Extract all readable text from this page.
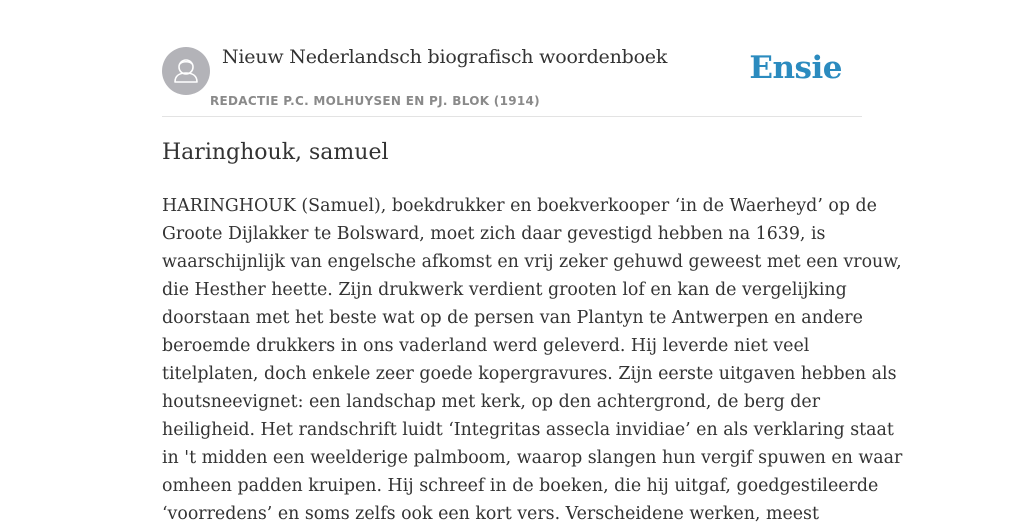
Nieuw Nederlandsch biografisch woordenboek
REDACTIE P.C. MOLHUYSEN EN PJ. BLOK (1914)
Ensie
Haringhouk, samuel
HARINGHOUK (Samuel), boekdrukker en boekverkooper ‘in de Waerheyd’ op de
Groote Dijlakker te Bolsward, moet zich daar gevestigd hebben na 1639, is
waarschijnlijk van engelsche afkomst en vrij zeker gehuwd geweest met een vrouw,
die Hesther heette. Zijn drukwerk verdient grooten lof en kan de vergelijking
doorstaan met het beste wat op de persen van Plantyn te Antwerpen en andere
beroemde drukkers in ons vaderland werd geleverd. Hij leverde niet veel
titelplaten, doch enkele zeer goede kopergravures. Zijn eerste uitgaven hebben als
houtsneevignet: een landschap met kerk, op den achtergrond, de berg der
heiligheid. Het randschrift luidt ‘Integritas assecla invidiae’ en als verklaring staat
in 't midden een weelderige palmboom, waarop slangen hun vergif spuwen en waar
omheen padden kruipen. Hij schreef in de boeken, die hij uitgaf, goedgestileerde
‘voorredens’ en soms zelfs ook een kort vers. Verscheidene werken, meest
